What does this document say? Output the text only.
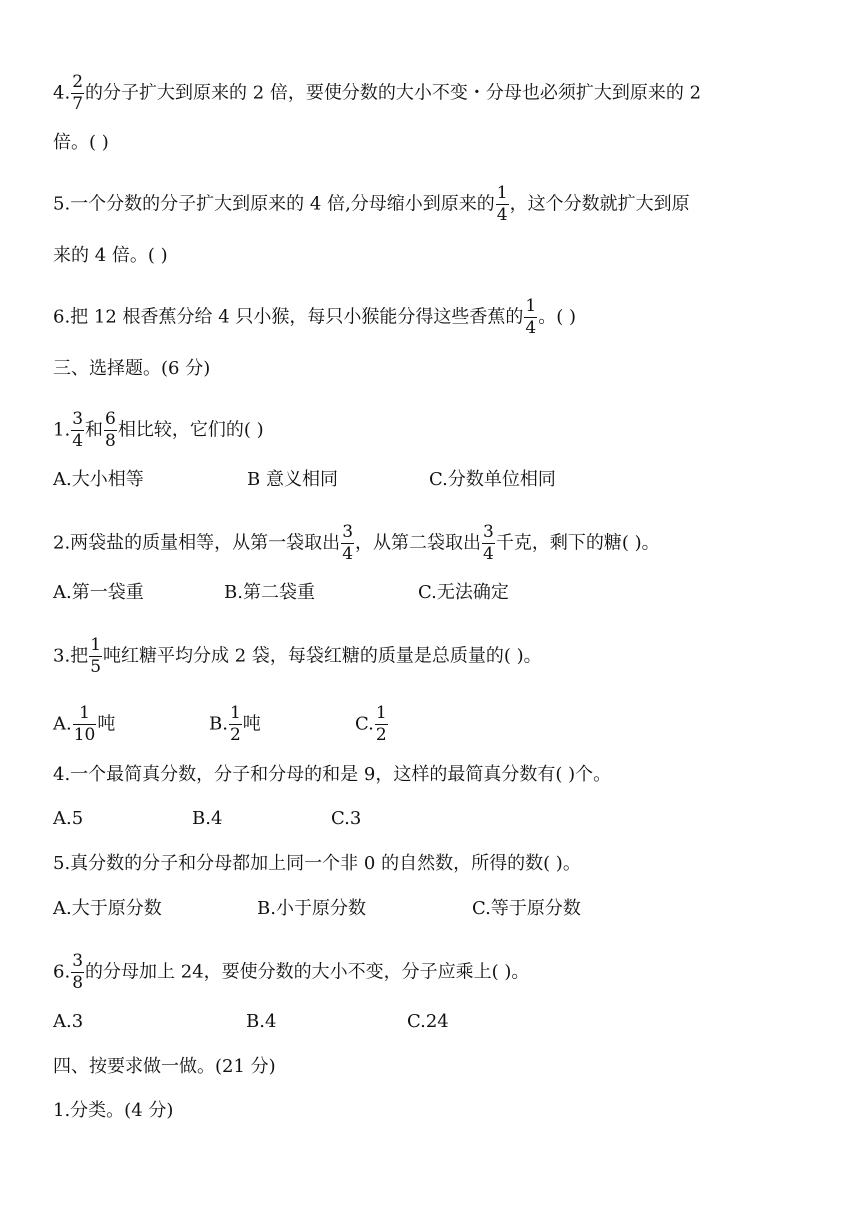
4. $\frac{2}{7}$ 的分子扩大到原来的 2 倍，要使分数的大小不变・分母也必须扩大到原来的 2
倍。( )
5.一个分数的分子扩大到原来的 4 倍,分母缩小到原来的 $\frac{1}{4}$ ，这个分数就扩大到原
来的 4 倍。( )
6.把 12 根香蕉分给 4 只小猴，每只小猴能分得这些香蕉的 $\frac{1}{4}$ 。( )
三、选择题。(6 分)
1. $\frac{3}{4}$ 和 $\frac{6}{8}$ 相比较，它们的( )
A.大小相等	B 意义相同	C.分数单位相同
2.两袋盐的质量相等，从第一袋取出 $\frac{3}{4}$ ，从第二袋取出 $\frac{3}{4}$ 千克，剩下的糖( )。
A.第一袋重	B.第二袋重	C.无法确定
3.把 $\frac{1}{5}$ 吨红糖平均分成 2 袋，每袋红糖的质量是总质量的( )。
A. $\frac{1}{10}$ 吨	B. $\frac{1}{2}$ 吨	C. $\frac{1}{2}$
4.一个最简真分数，分子和分母的和是 9，这样的最简真分数有( )个。
A.5	B.4	C.3
5.真分数的分子和分母都加上同一个非 0 的自然数，所得的数( )。
A.大于原分数	B.小于原分数	C.等于原分数
6. $\frac{3}{8}$ 的分母加上 24，要使分数的大小不变，分子应乘上( )。
A.3	B.4	C.24
四、按要求做一做。(21 分)
1.分类。(4 分)
